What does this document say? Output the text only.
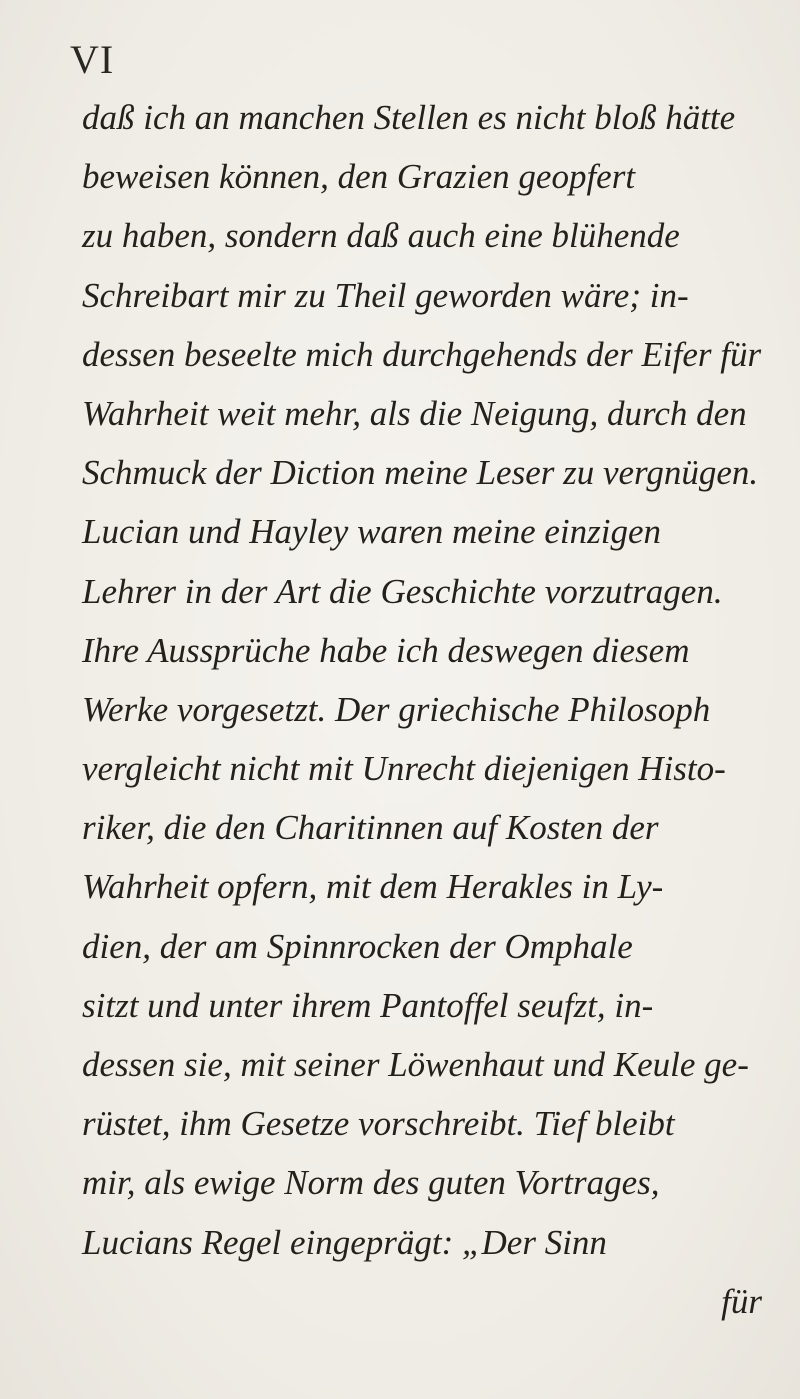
VI
daß ich an manchen Stellen es nicht bloß hätte
beweisen können, den Grazien geopfert
zu haben, sondern daß auch eine blühende
Schreibart mir zu Theil geworden wäre; in-
dessen beseelte mich durchgehends der Eifer für
Wahrheit weit mehr, als die Neigung, durch den
Schmuck der Diction meine Leser zu vergnügen.
Lucian und Hayley waren meine einzigen
Lehrer in der Art die Geschichte vorzutragen.
Ihre Aussprüche habe ich deswegen diesem
Werke vorgesetzt. Der griechische Philosoph
vergleicht nicht mit Unrecht diejenigen Histo-
riker, die den Charitinnen auf Kosten der
Wahrheit opfern, mit dem Herakles in Ly-
dien, der am Spinnrocken der Omphale
sitzt und unter ihrem Pantoffel seufzt, in-
dessen sie, mit seiner Löwenhaut und Keule ge-
rüstet, ihm Gesetze vorschreibt. Tief bleibt
mir, als ewige Norm des guten Vortrages,
Lucians Regel eingeprägt: „Der Sinn
für
